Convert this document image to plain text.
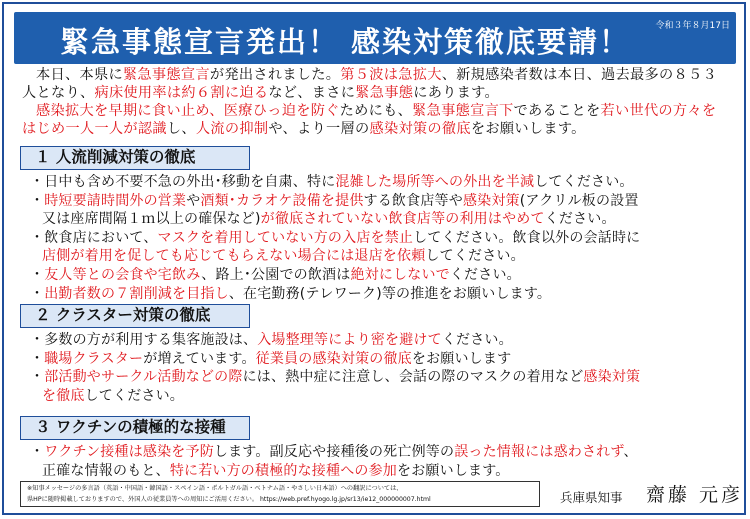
緊急事態宣言発出！ 感染対策徹底要請！	令和３年８月17日

本日、本県に緊急事態宣言が発出されました。第５波は急拡大、新規感染者数は本日、過去最多の８５３人となり、病床使用率は約６割に迫るなど、まさに緊急事態にあります。

感染拡大を早期に食い止め、医療ひっ迫を防ぐためにも、緊急事態宣言下であることを若い世代の方々をはじめ一人一人が認識し、人流の抑制や、より一層の感染対策の徹底をお願いします。

１ 人流削減対策の徹底
・日中も含め不要不急の外出･移動を自粛、特に混雑した場所等への外出を半減してください。
・時短要請時間外の営業や酒類･カラオケ設備を提供する飲食店等や感染対策(アクリル板の設置
又は座席間隔１ｍ以上の確保など)が徹底されていない飲食店等の利用はやめてください。
・飲食店において、マスクを着用していない方の入店を禁止してください。飲食以外の会話時に
店側が着用を促しても応じてもらえない場合には退店を依頼してください。
・友人等との会食や宅飲み、路上･公園での飲酒は絶対にしないでください。
・出勤者数の７割削減を目指し、在宅勤務(テレワーク)等の推進をお願いします。
２ クラスター対策の徹底
・多数の方が利用する集客施設は、入場整理等により密を避けてください。
・職場クラスターが増えています。従業員の感染対策の徹底をお願いします
・部活動やサークル活動などの際には、熱中症に注意し、会話の際のマスクの着用など感染対策
を徹底してください。
３ ワクチンの積極的な接種
・ワクチン接種は感染を予防します。副反応や接種後の死亡例等の誤った情報には惑わされず、
正確な情報のもと、特に若い方の積極的な接種への参加をお願いします。
※知事メッセージの多言語（英語・中国語・韓国語・スペイン語・ポルトガル語・ベトナム語・やさしい日本語）への翻訳については、
県HPに随時掲載しておりますので、外国人の従業員等への周知にご活用ください。 https://web.pref.hyogo.lg.jp/sr13/ie12_000000007.html	兵庫県知事 齋藤 元彦
